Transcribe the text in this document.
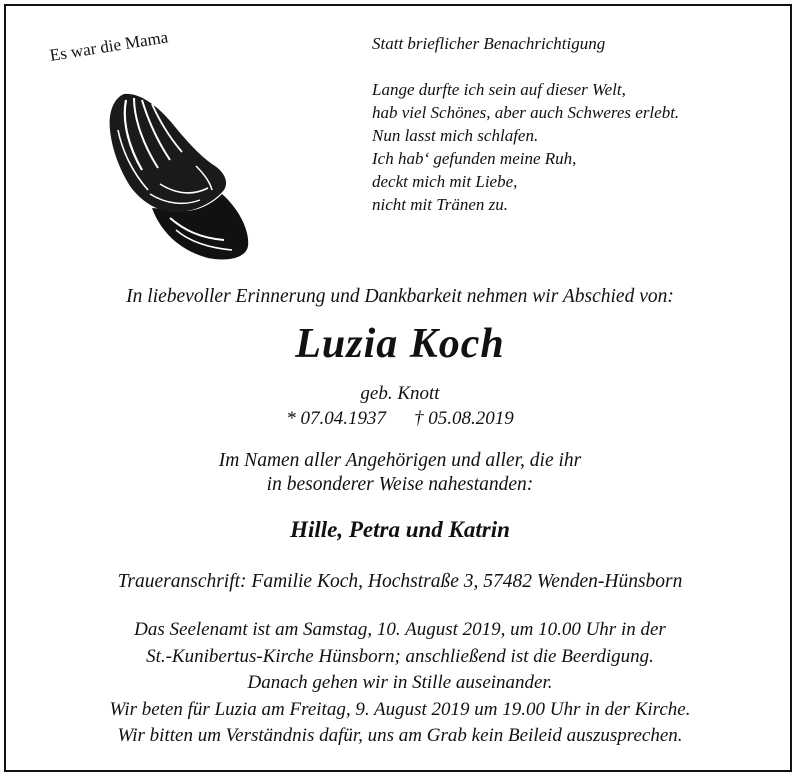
Es war die Mama	Statt brieflicher Benachrichtigung
Lange durfte ich sein auf dieser Welt,
hab viel Schönes, aber auch Schweres erlebt.
Nun lasst mich schlafen.
Ich hab‘ gefunden meine Ruh,
deckt mich mit Liebe,
nicht mit Tränen zu.
In liebevoller Erinnerung und Dankbarkeit nehmen wir Abschied von:
Luzia Koch
geb. Knott
* 07.04.1937 † 05.08.2019
Im Namen aller Angehörigen und aller, die ihr
in besonderer Weise nahestanden:
Hille, Petra und Katrin
Traueranschrift: Familie Koch, Hochstraße 3, 57482 Wenden-Hünsborn
Das Seelenamt ist am Samstag, 10. August 2019, um 10.00 Uhr in der
St.-Kunibertus-Kirche Hünsborn; anschließend ist die Beerdigung.
Danach gehen wir in Stille auseinander.
Wir beten für Luzia am Freitag, 9. August 2019 um 19.00 Uhr in der Kirche.
Wir bitten um Verständnis dafür, uns am Grab kein Beileid auszusprechen.
